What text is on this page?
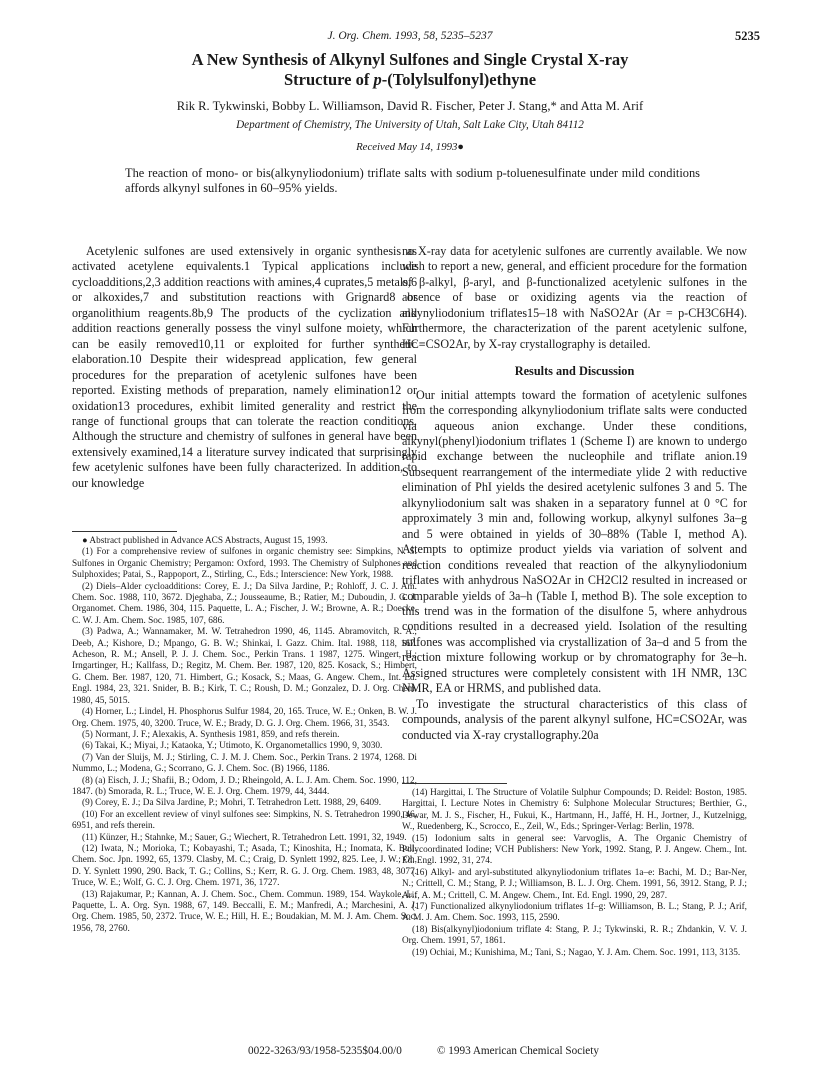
J. Org. Chem. 1993, 58, 5235–5237	5235
A New Synthesis of Alkynyl Sulfones and Single Crystal X-ray
Structure of p-(Tolylsulfonyl)ethyne
Rik R. Tykwinski, Bobby L. Williamson, David R. Fischer, Peter J. Stang,* and Atta M. Arif
Department of Chemistry, The University of Utah, Salt Lake City, Utah 84112
Received May 14, 1993●
The reaction of mono- or bis(alkynyliodonium) triflate salts with sodium p-toluenesulfinate under mild conditions affords alkynyl sulfones in 60–95% yields.

Acetylenic sulfones are used extensively in organic synthesis as activated acetylene equivalents.1 Typical applications include cycloadditions,2,3 addition reactions with amines,4 cuprates,5 metals,6 or alkoxides,7 and substitution reactions with Grignard8 or organolithium reagents.8b,9 The products of the cyclization and addition reactions generally possess the vinyl sulfone moiety, which can be easily removed10,11 or exploited for further synthetic elaboration.10 Despite their widespread application, few general procedures for the preparation of acetylenic sulfones have been reported. Existing methods of preparation, namely elimination12 or oxidation13 procedures, exhibit limited generality and restrict the range of functional groups that can tolerate the reaction conditions. Although the structure and chemistry of sulfones in general have been extensively examined,14 a literature survey indicated that surprisingly few acetylenic sulfones have been fully characterized. In addition, to our knowledge

no X-ray data for acetylenic sulfones are currently available. We now wish to report a new, general, and efficient procedure for the formation of β-alkyl, β-aryl, and β-functionalized acetylenic sulfones in the absence of base or oxidizing agents via the reaction of alkynyliodonium triflates15–18 with NaSO2Ar (Ar = p-CH3C6H4). Furthermore, the characterization of the parent acetylenic sulfone, HC≡CSO2Ar, by X-ray crystallography is detailed.

Results and Discussion

Our initial attempts toward the formation of acetylenic sulfones from the corresponding alkynyliodonium triflate salts were conducted via aqueous anion exchange. Under these conditions, alkynyl(phenyl)iodonium triflates 1 (Scheme I) are known to undergo rapid exchange between the nucleophile and triflate anion.19 Subsequent rearrangement of the intermediate ylide 2 with reductive elimination of PhI yields the desired acetylenic sulfones 3 and 5. The alkynyliodonium salt was shaken in a separatory funnel at 0 °C for approximately 3 min and, following workup, alkynyl sulfones 3a–g and 5 were obtained in yields of 30–88% (Table I, method A). Attempts to optimize product yields via variation of solvent and reaction conditions revealed that reaction of the alkynyliodonium triflates with anhydrous NaSO2Ar in CH2Cl2 resulted in increased or comparable yields of 3a–h (Table I, method B). The sole exception to this trend was in the formation of the disulfone 5, where anhydrous conditions resulted in a decreased yield. Isolation of the resulting sulfones was accomplished via crystallization of 3a–d and 5 from the reaction mixture following workup or by chromatography for 3e–h. Assigned structures were completely consistent with 1H NMR, 13C NMR, EA or HRMS, and published data.

To investigate the structural characteristics of this class of compounds, analysis of the parent alkynyl sulfone, HC≡CSO2Ar, was conducted via X-ray crystallography.20a

● Abstract published in Advance ACS Abstracts, August 15, 1993.
(1) For a comprehensive review of sulfones in organic chemistry see: Simpkins, N. S. Sulfones in Organic Chemistry; Pergamon: Oxford, 1993. The Chemistry of Sulphones and Sulphoxides; Patai, S., Rappoport, Z., Stirling, C., Eds.; Interscience: New York, 1988.
(2) Diels–Alder cycloadditions: Corey, E. J.; Da Silva Jardine, P.; Rohloff, J. C. J. Am. Chem. Soc. 1988, 110, 3672. Djeghaba, Z.; Jousseaume, B.; Ratier, M.; Duboudin, J. G. J. Organomet. Chem. 1986, 304, 115. Paquette, L. A.; Fischer, J. W.; Browne, A. R.; Doecke, C. W. J. Am. Chem. Soc. 1985, 107, 686.
(3) Padwa, A.; Wannamaker, M. W. Tetrahedron 1990, 46, 1145. Abramovitch, R. A.; Deeb, A.; Kishore, D.; Mpango, G. B. W.; Shinkai, I. Gazz. Chim. Ital. 1988, 118, 167. Acheson, R. M.; Ansell, P. J. J. Chem. Soc., Perkin Trans. 1 1987, 1275. Wingert, H.; Irngartinger, H.; Kallfass, D.; Regitz, M. Chem. Ber. 1987, 120, 825. Kosack, S.; Himbert, G. Chem. Ber. 1987, 120, 71. Himbert, G.; Kosack, S.; Maas, G. Angew. Chem., Int. Ed. Engl. 1984, 23, 321. Snider, B. B.; Kirk, T. C.; Roush, D. M.; Gonzalez, D. J. Org. Chem. 1980, 45, 5015.
(4) Horner, L.; Lindel, H. Phosphorus Sulfur 1984, 20, 165. Truce, W. E.; Onken, B. W. J. Org. Chem. 1975, 40, 3200. Truce, W. E.; Brady, D. G. J. Org. Chem. 1966, 31, 3543.
(5) Normant, J. F.; Alexakis, A. Synthesis 1981, 859, and refs therein.
(6) Takai, K.; Miyai, J.; Kataoka, Y.; Utimoto, K. Organometallics 1990, 9, 3030.
(7) Van der Sluijs, M. J.; Stirling, C. J. M. J. Chem. Soc., Perkin Trans. 2 1974, 1268. Di Nummo, L.; Modena, G.; Scorrano, G. J. Chem. Soc. (B) 1966, 1186.
(8) (a) Eisch, J. J.; Shafii, B.; Odom, J. D.; Rheingold, A. L. J. Am. Chem. Soc. 1990, 112, 1847. (b) Smorada, R. L.; Truce, W. E. J. Org. Chem. 1979, 44, 3444.
(9) Corey, E. J.; Da Silva Jardine, P.; Mohri, T. Tetrahedron Lett. 1988, 29, 6409.
(10) For an excellent review of vinyl sulfones see: Simpkins, N. S. Tetrahedron 1990, 46, 6951, and refs therein.
(11) Künzer, H.; Stahnke, M.; Sauer, G.; Wiechert, R. Tetrahedron Lett. 1991, 32, 1949.
(12) Iwata, N.; Morioka, T.; Kobayashi, T.; Asada, T.; Kinoshita, H.; Inomata, K. Bull. Chem. Soc. Jpn. 1992, 65, 1379. Clasby, M. C.; Craig, D. Synlett 1992, 825. Lee, J. W.; Oh, D. Y. Synlett 1990, 290. Back, T. G.; Collins, S.; Kerr, R. G. J. Org. Chem. 1983, 48, 3077. Truce, W. E.; Wolf, G. C. J. Org. Chem. 1971, 36, 1727.
(13) Rajakumar, P.; Kannan, A. J. Chem. Soc., Chem. Commun. 1989, 154. Waykole, L.; Paquette, L. A. Org. Syn. 1988, 67, 149. Beccalli, E. M.; Manfredi, A.; Marchesini, A. J. Org. Chem. 1985, 50, 2372. Truce, W. E.; Hill, H. E.; Boudakian, M. M. J. Am. Chem. Soc. 1956, 78, 2760.
(14) Hargittai, I. The Structure of Volatile Sulphur Compounds; D. Reidel: Boston, 1985. Hargittai, I. Lecture Notes in Chemistry 6: Sulphone Molecular Structures; Berthier, G., Dewar, M. J. S., Fischer, H., Fukui, K., Hartmann, H., Jaffé, H. H., Jortner, J., Kutzelnigg, W., Ruedenberg, K., Scrocco, E., Zeil, W., Eds.; Springer-Verlag: Berlin, 1978.
(15) Iodonium salts in general see: Varvoglis, A. The Organic Chemistry of Polycoordinated Iodine; VCH Publishers: New York, 1992. Stang, P. J. Angew. Chem., Int. Ed. Engl. 1992, 31, 274.
(16) Alkyl- and aryl-substituted alkynyliodonium triflates 1a–e: Bachi, M. D.; Bar-Ner, N.; Crittell, C. M.; Stang, P. J.; Williamson, B. L. J. Org. Chem. 1991, 56, 3912. Stang, P. J.; Arif, A. M.; Crittell, C. M. Angew. Chem., Int. Ed. Engl. 1990, 29, 287.
(17) Functionalized alkynyliodonium triflates 1f–g: Williamson, B. L.; Stang, P. J.; Arif, A. M. J. Am. Chem. Soc. 1993, 115, 2590.
(18) Bis(alkynyl)iodonium triflate 4: Stang, P. J.; Tykwinski, R. R.; Zhdankin, V. V. J. Org. Chem. 1991, 57, 1861.
(19) Ochiai, M.; Kunishima, M.; Tani, S.; Nagao, Y. J. Am. Chem. Soc. 1991, 113, 3135.
0022-3263/93/1958-5235$04.00/0	© 1993 American Chemical Society
